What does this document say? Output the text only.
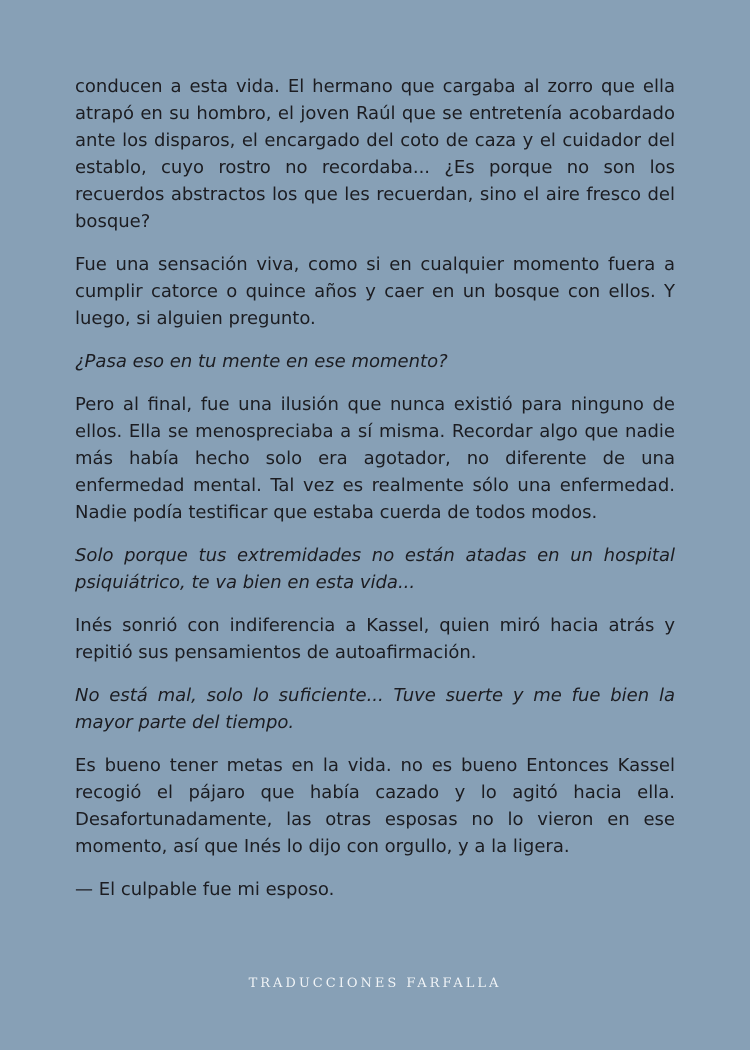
conducen a esta vida. El hermano que cargaba al zorro que ella atrapó en su hombro, el joven Raúl que se entretenía acobardado ante los disparos, el encargado del coto de caza y el cuidador del establo, cuyo rostro no recordaba... ¿Es porque no son los recuerdos abstractos los que les recuerdan, sino el aire fresco del bosque?

Fue una sensación viva, como si en cualquier momento fuera a cumplir catorce o quince años y caer en un bosque con ellos. Y luego, si alguien pregunto.

¿Pasa eso en tu mente en ese momento?

Pero al final, fue una ilusión que nunca existió para ninguno de ellos. Ella se menospreciaba a sí misma. Recordar algo que nadie más había hecho solo era agotador, no diferente de una enfermedad mental. Tal vez es realmente sólo una enfermedad. Nadie podía testificar que estaba cuerda de todos modos.

Solo porque tus extremidades no están atadas en un hospital psiquiátrico, te va bien en esta vida...

Inés sonrió con indiferencia a Kassel, quien miró hacia atrás y repitió sus pensamientos de autoafirmación.

No está mal, solo lo suficiente... Tuve suerte y me fue bien la mayor parte del tiempo.

Es bueno tener metas en la vida. no es bueno Entonces Kassel recogió el pájaro que había cazado y lo agitó hacia ella. Desafortunadamente, las otras esposas no lo vieron en ese momento, así que Inés lo dijo con orgullo, y a la ligera.

— El culpable fue mi esposo.

TRADUCCIONES FARFALLA
